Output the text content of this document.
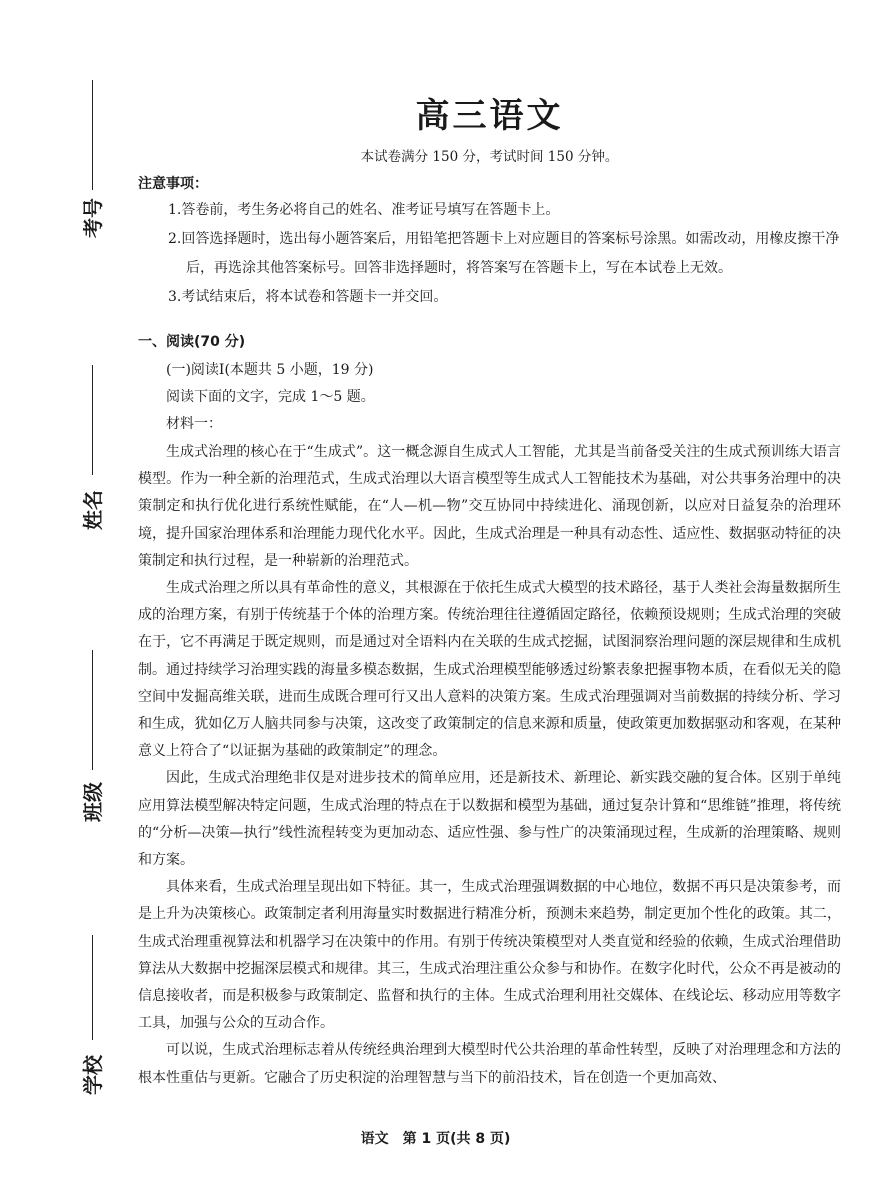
考号
姓名
班级
学校
高三语文
本试卷满分 150 分，考试时间 150 分钟。
注意事项：
1.答卷前，考生务必将自己的姓名、准考证号填写在答题卡上。
2.回答选择题时，选出每小题答案后，用铅笔把答题卡上对应题目的答案标号涂黑。如需改动，用橡皮擦干净后，再选涂其他答案标号。回答非选择题时，将答案写在答题卡上，写在本试卷上无效。
3.考试结束后，将本试卷和答题卡一并交回。
一、阅读(70 分)
(一)阅读Ⅰ(本题共 5 小题，19 分)
阅读下面的文字，完成 1～5 题。
材料一：

生成式治理的核心在于“生成式”。这一概念源自生成式人工智能，尤其是当前备受关注的生成式预训练大语言模型。作为一种全新的治理范式，生成式治理以大语言模型等生成式人工智能技术为基础，对公共事务治理中的决策制定和执行优化进行系统性赋能，在“人—机—物”交互协同中持续进化、涌现创新，以应对日益复杂的治理环境，提升国家治理体系和治理能力现代化水平。因此，生成式治理是一种具有动态性、适应性、数据驱动特征的决策制定和执行过程，是一种崭新的治理范式。

生成式治理之所以具有革命性的意义，其根源在于依托生成式大模型的技术路径，基于人类社会海量数据所生成的治理方案，有别于传统基于个体的治理方案。传统治理往往遵循固定路径，依赖预设规则；生成式治理的突破在于，它不再满足于既定规则，而是通过对全语料内在关联的生成式挖掘，试图洞察治理问题的深层规律和生成机制。通过持续学习治理实践的海量多模态数据，生成式治理模型能够透过纷繁表象把握事物本质，在看似无关的隐空间中发掘高维关联，进而生成既合理可行又出人意料的决策方案。生成式治理强调对当前数据的持续分析、学习和生成，犹如亿万人脑共同参与决策，这改变了政策制定的信息来源和质量，使政策更加数据驱动和客观，在某种意义上符合了“以证据为基础的政策制定”的理念。

因此，生成式治理绝非仅是对进步技术的简单应用，还是新技术、新理论、新实践交融的复合体。区别于单纯应用算法模型解决特定问题，生成式治理的特点在于以数据和模型为基础，通过复杂计算和“思维链”推理，将传统的“分析—决策—执行”线性流程转变为更加动态、适应性强、参与性广的决策涌现过程，生成新的治理策略、规则和方案。

具体来看，生成式治理呈现出如下特征。其一，生成式治理强调数据的中心地位，数据不再只是决策参考，而是上升为决策核心。政策制定者利用海量实时数据进行精准分析，预测未来趋势，制定更加个性化的政策。其二，生成式治理重视算法和机器学习在决策中的作用。有别于传统决策模型对人类直觉和经验的依赖，生成式治理借助算法从大数据中挖掘深层模式和规律。其三，生成式治理注重公众参与和协作。在数字化时代，公众不再是被动的信息接收者，而是积极参与政策制定、监督和执行的主体。生成式治理利用社交媒体、在线论坛、移动应用等数字工具，加强与公众的互动合作。

可以说，生成式治理标志着从传统经典治理到大模型时代公共治理的革命性转型，反映了对治理理念和方法的根本性重估与更新。它融合了历史积淀的治理智慧与当下的前沿技术，旨在创造一个更加高效、

语文　第 1 页(共 8 页)
